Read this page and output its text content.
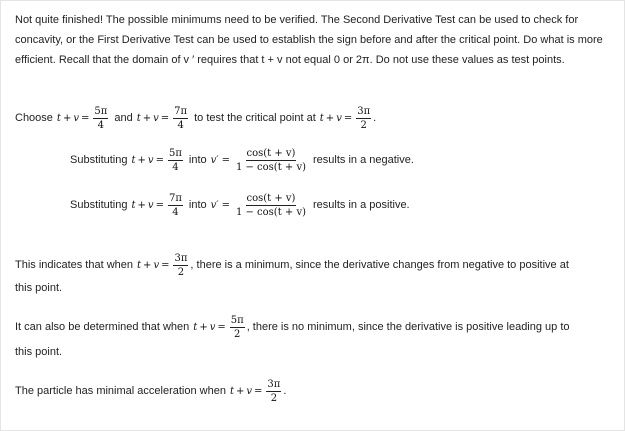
Not quite finished! The possible minimums need to be verified. The Second Derivative Test can be used to check for concavity, or the First Derivative Test can be used to establish the sign before and after the critical point. Do what is more efficient. Recall that the domain of v ′ requires that t + v not equal 0 or 2π. Do not use these values as test points.
Choose $t + v = \frac{5\pi}{4}$ and $t + v = \frac{7\pi}{4}$ to test the critical point at $t + v = \frac{3\pi}{2}$ .
Substituting $t + v = \frac{5\pi}{4}$ into $v' = \frac{\cos(t + v)}{1 - \cos(t + v)}$ results in a negative.
Substituting $t + v = \frac{7\pi}{4}$ into $v' = \frac{\cos(t + v)}{1 - \cos(t + v)}$ results in a positive.
This indicates that when $t + v = \frac{3\pi}{2}$ , there is a minimum, since the derivative changes from negative to positive at
this point.
It can also be determined that when $t + v = \frac{5\pi}{2}$ , there is no minimum, since the derivative is positive leading up to
this point.
The particle has minimal acceleration when $t + v = \frac{3\pi}{2}$ .
